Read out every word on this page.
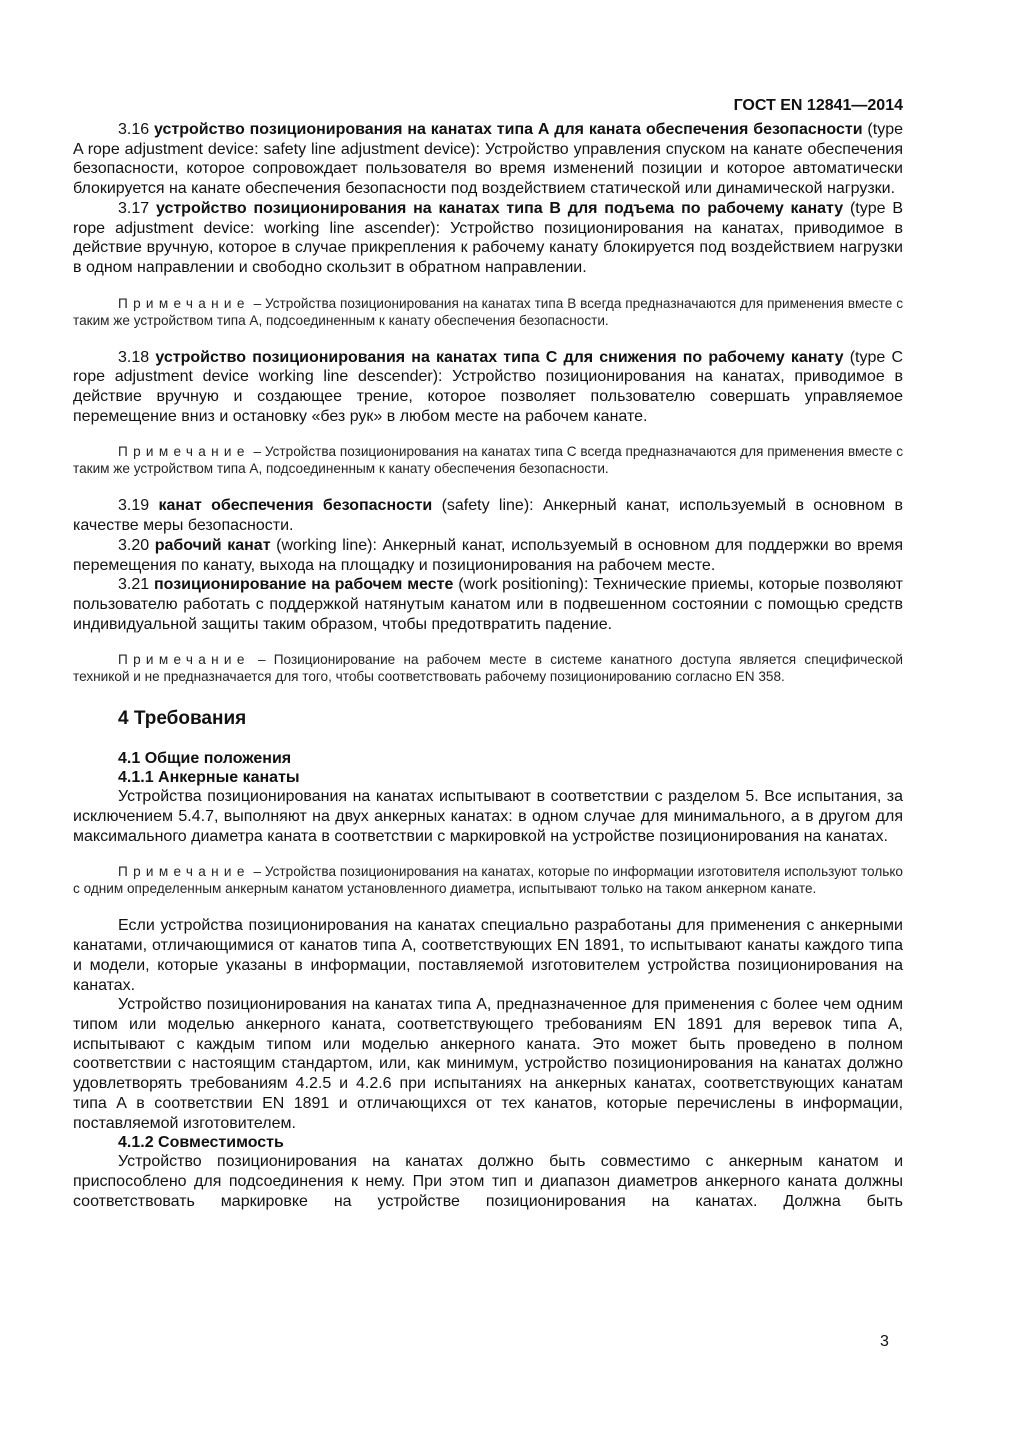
ГОСТ EN 12841—2014

3.16 устройство позиционирования на канатах типа А для каната обеспечения безопасности (type A rope adjustment device: safety line adjustment device): Устройство управления спуском на канате обеспечения безопасности, которое сопровождает пользователя во время изменений позиции и которое автоматически блокируется на канате обеспечения безопасности под воздействием статической или динамической нагрузки.

3.17 устройство позиционирования на канатах типа В для подъема по рабочему канату (type B rope adjustment device: working line ascender): Устройство позиционирования на канатах, приводимое в действие вручную, которое в случае прикрепления к рабочему канату блокируется под воздействием нагрузки в одном направлении и свободно скользит в обратном направлении.

Примечание – Устройства позиционирования на канатах типа В всегда предназначаются для применения вместе с таким же устройством типа А, подсоединенным к канату обеспечения безопасности.

3.18 устройство позиционирования на канатах типа С для снижения по рабочему канату (type C rope adjustment device working line descender): Устройство позиционирования на канатах, приводимое в действие вручную и создающее трение, которое позволяет пользователю совершать управляемое перемещение вниз и остановку «без рук» в любом месте на рабочем канате.

Примечание – Устройства позиционирования на канатах типа С всегда предназначаются для применения вместе с таким же устройством типа А, подсоединенным к канату обеспечения безопасности.

3.19 канат обеспечения безопасности (safety line): Анкерный канат, используемый в основном в качестве меры безопасности.

3.20 рабочий канат (working line): Анкерный канат, используемый в основном для поддержки во время перемещения по канату, выхода на площадку и позиционирования на рабочем месте.

3.21 позиционирование на рабочем месте (work positioning): Технические приемы, которые позволяют пользователю работать с поддержкой натянутым канатом или в подвешенном состоянии с помощью средств индивидуальной защиты таким образом, чтобы предотвратить падение.

Примечание – Позиционирование на рабочем месте в системе канатного доступа является специфической техникой и не предназначается для того, чтобы соответствовать рабочему позиционированию согласно EN 358.
4 Требования
4.1 Общие положения
4.1.1 Анкерные канаты

Устройства позиционирования на канатах испытывают в соответствии с разделом 5. Все испытания, за исключением 5.4.7, выполняют на двух анкерных канатах: в одном случае для минимального, а в другом для максимального диаметра каната в соответствии с маркировкой на устройстве позиционирования на канатах.

Примечание – Устройства позиционирования на канатах, которые по информации изготовителя используют только с одним определенным анкерным канатом установленного диаметра, испытывают только на таком анкерном канате.

Если устройства позиционирования на канатах специально разработаны для применения с анкерными канатами, отличающимися от канатов типа А, соответствующих EN 1891, то испытывают канаты каждого типа и модели, которые указаны в информации, поставляемой изготовителем устройства позиционирования на канатах.

Устройство позиционирования на канатах типа А, предназначенное для применения с более чем одним типом или моделью анкерного каната, соответствующего требованиям EN 1891 для веревок типа А, испытывают с каждым типом или моделью анкерного каната. Это может быть проведено в полном соответствии с настоящим стандартом, или, как минимум, устройство позиционирования на канатах должно удовлетворять требованиям 4.2.5 и 4.2.6 при испытаниях на анкерных канатах, соответствующих канатам типа А в соответствии EN 1891 и отличающихся от тех канатов, которые перечислены в информации, поставляемой изготовителем.

4.1.2 Совместимость

Устройство позиционирования на канатах должно быть совместимо с анкерным канатом и приспособлено для подсоединения к нему. При этом тип и диапазон диаметров анкерного каната должны соответствовать маркировке на устройстве позиционирования на канатах. Должна быть

3
